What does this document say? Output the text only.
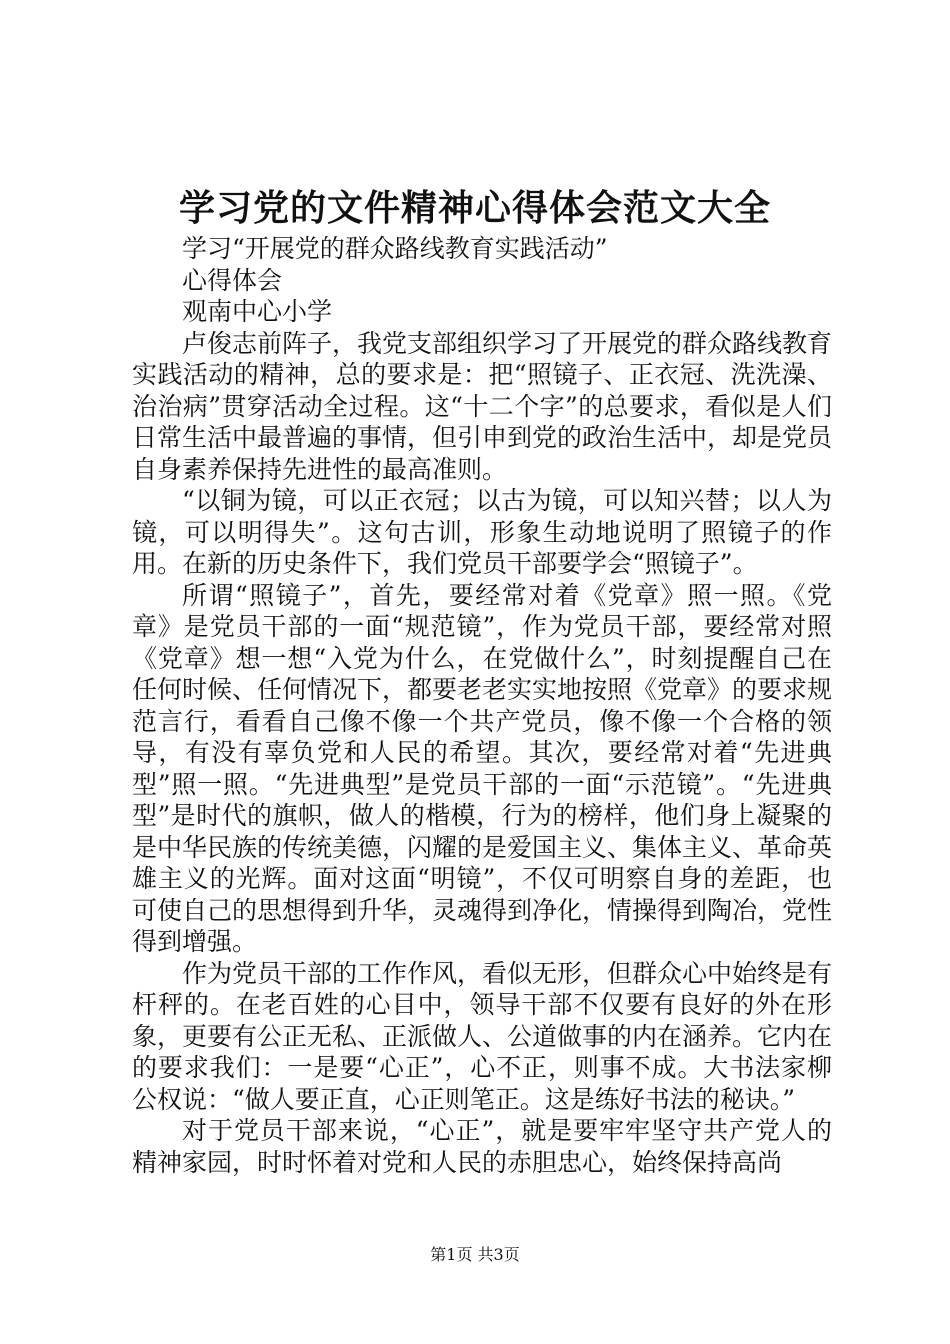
学习党的文件精神心得体会范文大全

学习“开展党的群众路线教育实践活动”

心得体会

观南中心小学

卢俊志前阵子，我党支部组织学习了开展党的群众路线教育实践活动的精神，总的要求是：把“照镜子、正衣冠、洗洗澡、治治病”贯穿活动全过程。这“十二个字”的总要求，看似是人们日常生活中最普遍的事情，但引申到党的政治生活中，却是党员自身素养保持先进性的最高准则。

“以铜为镜，可以正衣冠；以古为镜，可以知兴替；以人为镜，可以明得失”。这句古训，形象生动地说明了照镜子的作用。在新的历史条件下，我们党员干部要学会“照镜子”。

所谓“照镜子”，首先，要经常对着《党章》照一照。《党章》是党员干部的一面“规范镜”，作为党员干部，要经常对照《党章》想一想“入党为什么，在党做什么”，时刻提醒自己在任何时候、任何情况下，都要老老实实地按照《党章》的要求规范言行，看看自己像不像一个共产党员，像不像一个合格的领导，有没有辜负党和人民的希望。其次，要经常对着“先进典型”照一照。“先进典型”是党员干部的一面“示范镜”。“先进典型”是时代的旗帜，做人的楷模，行为的榜样，他们身上凝聚的是中华民族的传统美德，闪耀的是爱国主义、集体主义、革命英雄主义的光辉。面对这面“明镜”，不仅可明察自身的差距，也可使自己的思想得到升华，灵魂得到净化，情操得到陶冶，党性得到增强。

作为党员干部的工作作风，看似无形，但群众心中始终是有杆秤的。在老百姓的心目中，领导干部不仅要有良好的外在形象，更要有公正无私、正派做人、公道做事的内在涵养。它内在的要求我们：一是要“心正”，心不正，则事不成。大书法家柳公权说：“做人要正直，心正则笔正。这是练好书法的秘诀。”

对于党员干部来说，“心正”，就是要牢牢坚守共产党人的精神家园，时时怀着对党和人民的赤胆忠心，始终保持高尚

第1页 共3页
